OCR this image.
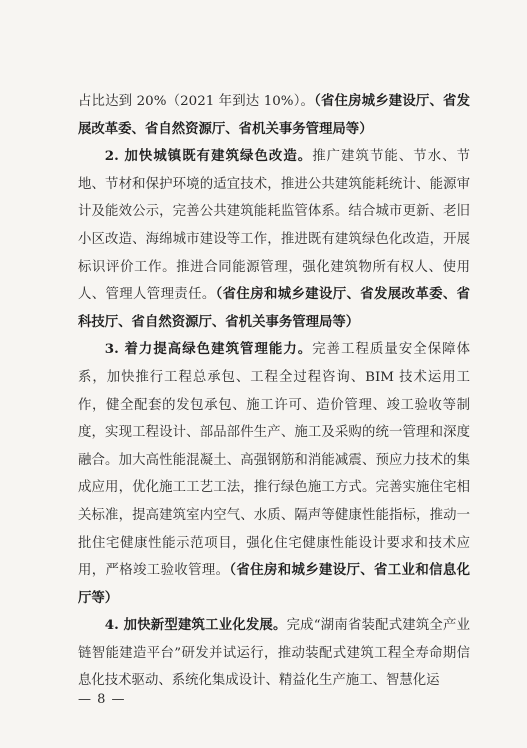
占比达到 20%（2021 年到达 10%）。（省住房城乡建设厅、省发展改革委、省自然资源厅、省机关事务管理局等）

2. 加快城镇既有建筑绿色改造。推广建筑节能、节水、节地、节材和保护环境的适宜技术，推进公共建筑能耗统计、能源审计及能效公示，完善公共建筑能耗监管体系。结合城市更新、老旧小区改造、海绵城市建设等工作，推进既有建筑绿色化改造，开展标识评价工作。推进合同能源管理，强化建筑物所有权人、使用人、管理人管理责任。（省住房和城乡建设厅、省发展改革委、省科技厅、省自然资源厅、省机关事务管理局等）

3. 着力提高绿色建筑管理能力。完善工程质量安全保障体系，加快推行工程总承包、工程全过程咨询、BIM 技术运用工作，健全配套的发包承包、施工许可、造价管理、竣工验收等制度，实现工程设计、部品部件生产、施工及采购的统一管理和深度融合。加大高性能混凝土、高强钢筋和消能减震、预应力技术的集成应用，优化施工工艺工法，推行绿色施工方式。完善实施住宅相关标准，提高建筑室内空气、水质、隔声等健康性能指标，推动一批住宅健康性能示范项目，强化住宅健康性能设计要求和技术应用，严格竣工验收管理。（省住房和城乡建设厅、省工业和信息化厅等）

4. 加快新型建筑工业化发展。完成“湖南省装配式建筑全产业链智能建造平台”研发并试运行，推动装配式建筑工程全寿命期信息化技术驱动、系统化集成设计、精益化生产施工、智慧化运

— 8 —
